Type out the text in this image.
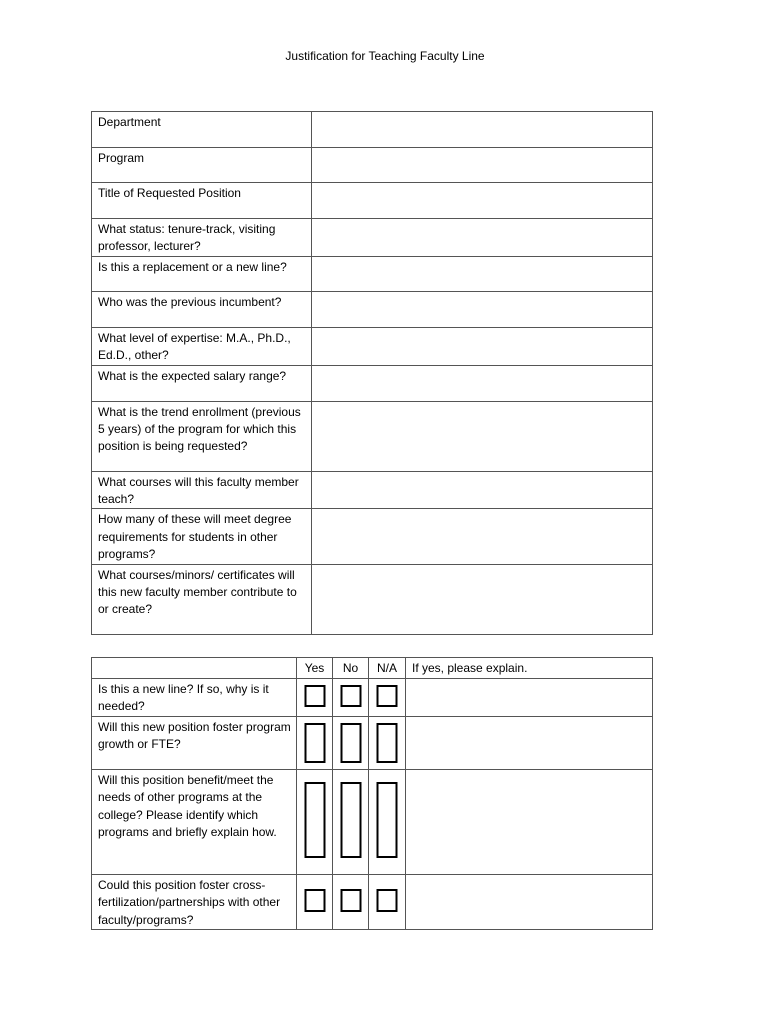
Justification for Teaching Faculty Line
Department	
Program	
Title of Requested Position	
What status: tenure-track, visiting professor, lecturer?	
Is this a replacement or a new line?	
Who was the previous incumbent?	
What level of expertise: M.A., Ph.D., Ed.D., other?	
What is the expected salary range?	
What is the trend enrollment (previous 5 years) of the program for which this position is being requested?	
What courses will this faculty member teach?	
How many of these will meet degree requirements for students in other programs?	
What courses/minors/ certificates will this new faculty member contribute to or create?	
	Yes	No	N/A	If yes, please explain.
Is this a new line? If so, why is it needed?	

Will this new position foster program growth or FTE?	

Will this position benefit/meet the needs of other programs at the college? Please identify which programs and briefly explain how.	

Could this position foster cross-fertilization/partnerships with other faculty/programs?	
